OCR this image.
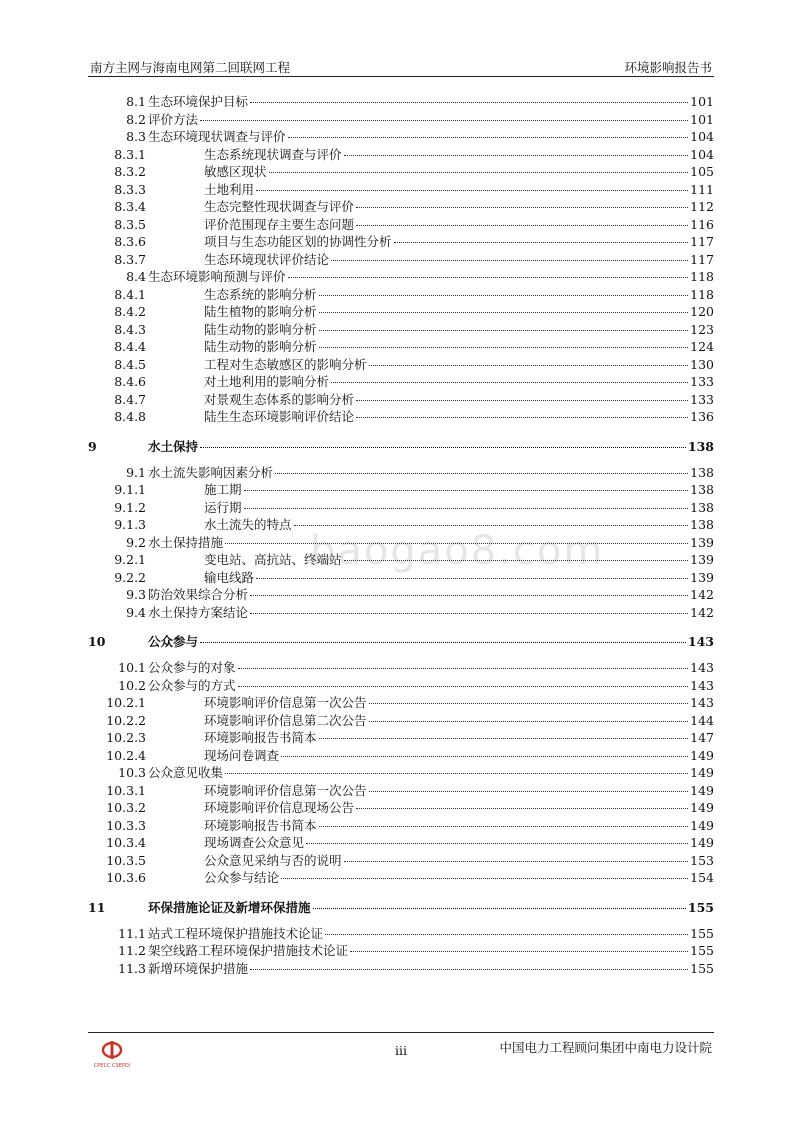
南方主网与海南电网第二回联网工程	环境影响报告书
baogao8.com
8.1 生态环境保护目标	101
8.2 评价方法	101
8.3 生态环境现状调查与评价	104
8.3.1	生态系统现状调查与评价	104
8.3.2	敏感区现状	105
8.3.3	土地利用	111
8.3.4	生态完整性现状调查与评价	112
8.3.5	评价范围现存主要生态问题	116
8.3.6	项目与生态功能区划的协调性分析	117
8.3.7	生态环境现状评价结论	117
8.4 生态环境影响预测与评价	118
8.4.1	生态系统的影响分析	118
8.4.2	陆生植物的影响分析	120
8.4.3	陆生动物的影响分析	123
8.4.4	陆生动物的影响分析	124
8.4.5	工程对生态敏感区的影响分析	130
8.4.6	对土地利用的影响分析	133
8.4.7	对景观生态体系的影响分析	133
8.4.8	陆生生态环境影响评价结论	136
9	水土保持	138
9.1 水土流失影响因素分析	138
9.1.1	施工期	138
9.1.2	运行期	138
9.1.3	水土流失的特点	138
9.2 水土保持措施	139
9.2.1	变电站、高抗站、终端站	139
9.2.2	输电线路	139
9.3 防治效果综合分析	142
9.4 水土保持方案结论	142
10	公众参与	143
10.1 公众参与的对象	143
10.2 公众参与的方式	143
10.2.1	环境影响评价信息第一次公告	143
10.2.2	环境影响评价信息第二次公告	144
10.2.3	环境影响报告书简本	147
10.2.4	现场问卷调查	149
10.3 公众意见收集	149
10.3.1	环境影响评价信息第一次公告	149
10.3.2	环境影响评价信息现场公告	149
10.3.3	环境影响报告书简本	149
10.3.4	现场调查公众意见	149
10.3.5	公众意见采纳与否的说明	153
10.3.6	公众参与结论	154
11	环保措施论证及新增环保措施	155
11.1 站式工程环境保护措施技术论证	155
11.2 架空线路工程环境保护措施技术论证	155
11.3 新增环境保护措施	155
CPECC CSEPDI
iii	中国电力工程顾问集团中南电力设计院
